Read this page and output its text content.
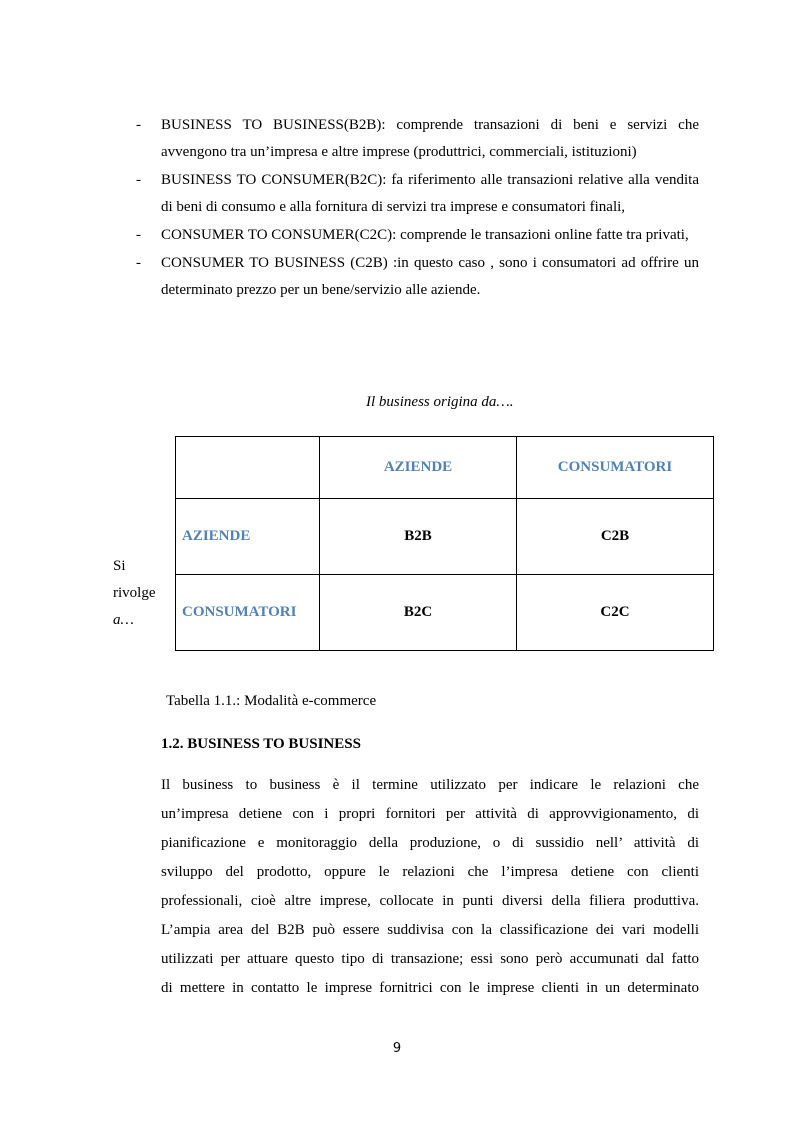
- BUSINESS TO BUSINESS(B2B): comprende transazioni di beni e servizi che avvengono tra un’impresa e altre imprese (produttrici, commerciali, istituzioni)
- BUSINESS TO CONSUMER(B2C): fa riferimento alle transazioni relative alla vendita di beni di consumo e alla fornitura di servizi tra imprese e consumatori finali,
- CONSUMER TO CONSUMER(C2C): comprende le transazioni online fatte tra privati,
- CONSUMER TO BUSINESS (C2B) :in questo caso , sono i consumatori ad offrire un determinato prezzo per un bene/servizio alle aziende.
Il business origina da….
	AZIENDE	CONSUMATORI
AZIENDE	B2B	C2B
CONSUMATORI	B2C	C2C
Si
rivolge
a…
Tabella 1.1.: Modalità e-commerce
1.2. BUSINESS TO BUSINESS
Il business to business è il termine utilizzato per indicare le relazioni che
un’impresa detiene con i propri fornitori per attività di approvvigionamento, di
pianificazione e monitoraggio della produzione, o di sussidio nell’ attività di
sviluppo del prodotto, oppure le relazioni che l’impresa detiene con clienti
professionali, cioè altre imprese, collocate in punti diversi della filiera produttiva.
L’ampia area del B2B può essere suddivisa con la classificazione dei vari modelli
utilizzati per attuare questo tipo di transazione; essi sono però accumunati dal fatto
di mettere in contatto le imprese fornitrici con le imprese clienti in un determinato
9
